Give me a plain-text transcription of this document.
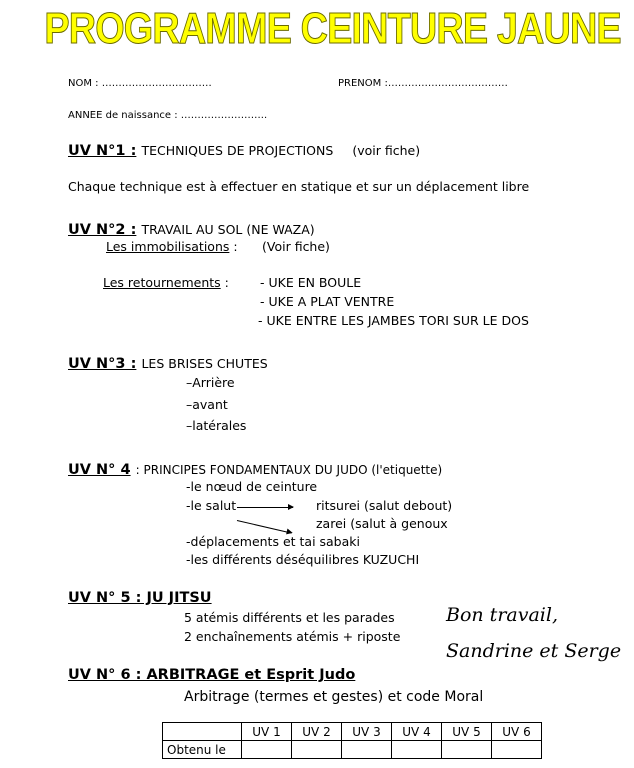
PROGRAMME CEINTURE JAUNE
NOM : ……………………………	PRENOM :………………………………
ANNEE de naissance : ……………………..
UV N°1 : TECHNIQUES DE PROJECTIONS (voir fiche)
Chaque technique est à effectuer en statique et sur un déplacement libre
UV N°2 : TRAVAIL AU SOL (NE WAZA)
Les immobilisations : (Voir fiche)
Les retournements : - UKE EN BOULE
- UKE A PLAT VENTRE
- UKE ENTRE LES JAMBES TORI SUR LE DOS
UV N°3 : LES BRISES CHUTES
–Arrière
–avant
–latérales
UV N° 4 : PRINCIPES FONDAMENTAUX DU JUDO (l'etiquette)
-le nœud de ceinture
-le salut	ritsurei (salut debout)
zarei (salut à genoux
-déplacements et tai sabaki
-les différents déséquilibres KUZUCHI
UV N° 5 : JU JITSU
5 atémis différents et les parades
2 enchaînements atémis + riposte
Bon travail,
Sandrine et Serge
UV N° 6 : ARBITRAGE et Esprit Judo
Arbitrage (termes et gestes) et code Moral
	UV 1	UV 2	UV 3	UV 4	UV 5	UV 6
Obtenu le						
